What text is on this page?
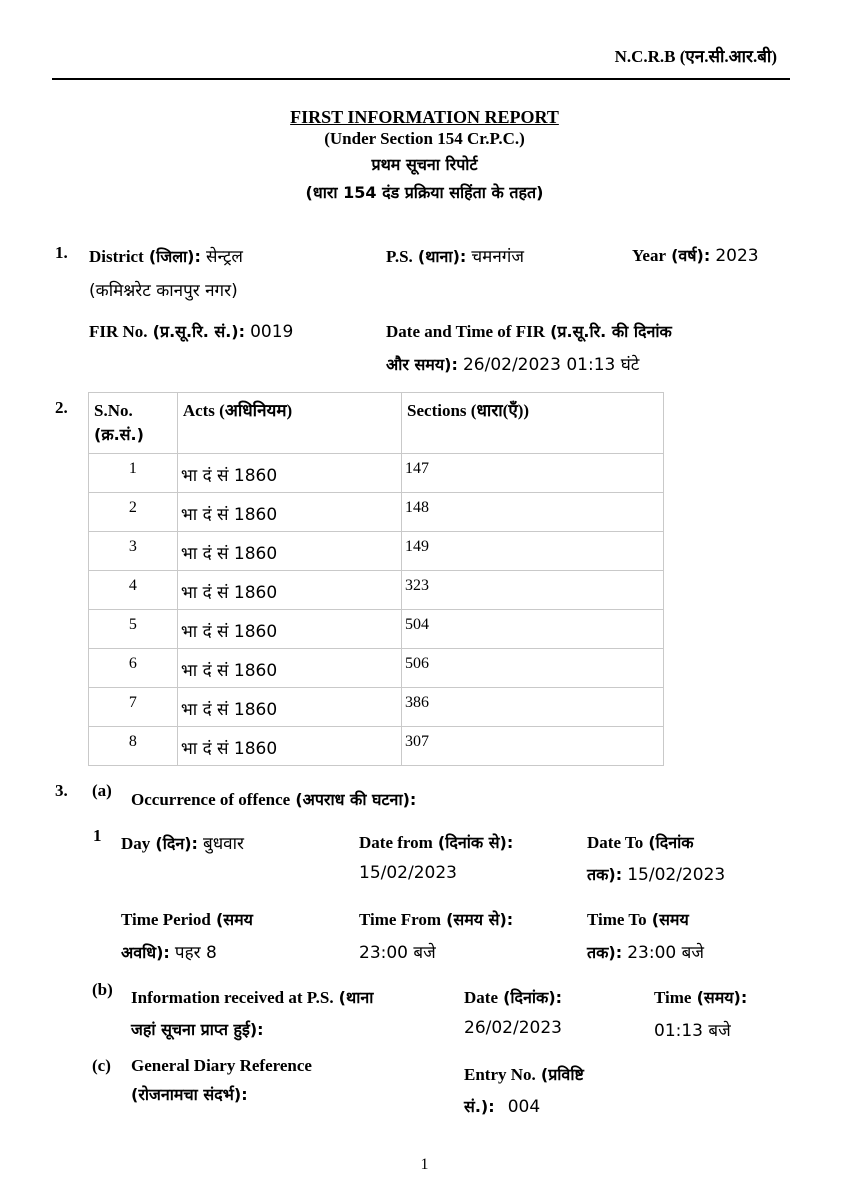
N.C.R.B (एन.सी.आर.बी)
FIRST INFORMATION REPORT
(Under Section 154 Cr.P.C.)
प्रथम सूचना रिपोर्ट
(धारा 154 दंड प्रक्रिया सहिंता के तहत)
1. District (जिला): सेन्ट्रल
(कमिश्नरेट कानपुर नगर)
P.S. (थाना): चमनगंज	Year (वर्ष): 2023
FIR No. (प्र.सू.रि. सं.): 0019	Date and Time of FIR (प्र.सू.रि. की दिनांक
और समय): 26/02/2023 01:13 घंटे
2. S.No.
(क्र.सं.)	Acts (अधिनियम)	Sections (धारा(एँ))

1	भा दं सं 1860	147

2	भा दं सं 1860	148

3	भा दं सं 1860	149

4	भा दं सं 1860	323

5	भा दं सं 1860	504

6	भा दं सं 1860	506

7	भा दं सं 1860	386

8	भा दं सं 1860	307
3. (a) Occurrence of offence (अपराध की घटना):
1 Day (दिन): बुधवार	Date from (दिनांक से):
15/02/2023
Date To (दिनांक
तक): 15/02/2023
Time Period (समय
अवधि): पहर 8
Time From (समय से):
23:00 बजे
Time To (समय
तक): 23:00 बजे
(b) Information received at P.S. (थाना
जहां सूचना प्राप्त हुई):
Date (दिनांक):
26/02/2023
Time (समय):
01:13 बजे
(c) General Diary Reference
(रोजनामचा संदर्भ):
Entry No. (प्रविष्टि
सं.): 004
1
